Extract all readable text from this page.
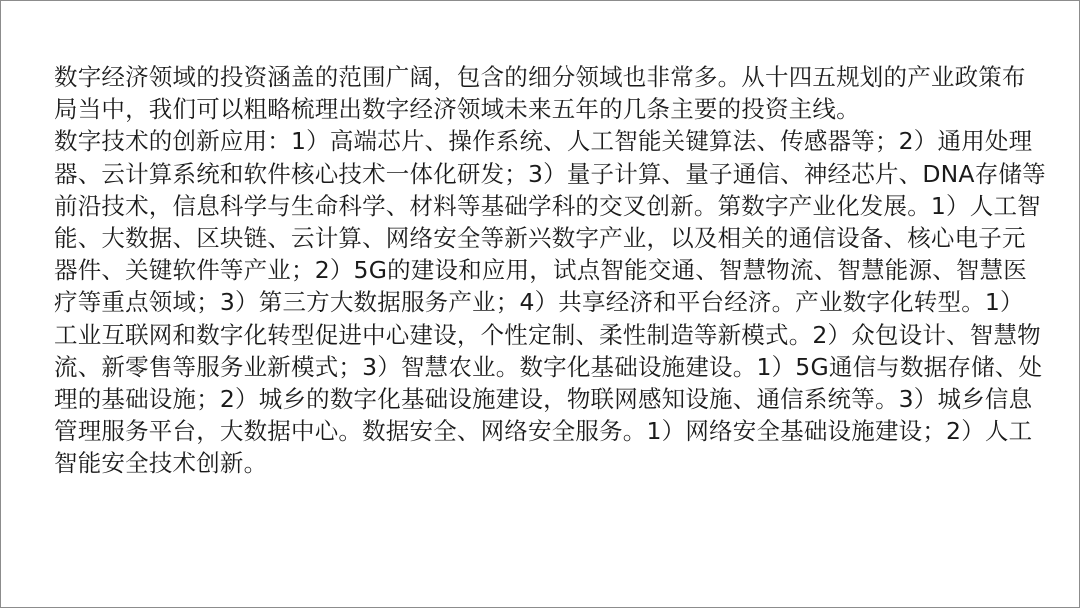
数字经济领域的投资涵盖的范围广阔，包含的细分领域也非常多。从十四五规划的产业政策布局当中，我们可以粗略梳理出数字经济领域未来五年的几条主要的投资主线。

数字技术的创新应用：1）高端芯片、操作系统、人工智能关键算法、传感器等；2）通用处理器、云计算系统和软件核心技术一体化研发；3）量子计算、量子通信、神经芯片、DNA存储等前沿技术，信息科学与生命科学、材料等基础学科的交叉创新。第数字产业化发展。1）人工智能、大数据、区块链、云计算、网络安全等新兴数字产业，以及相关的通信设备、核心电子元器件、关键软件等产业；2）5G的建设和应用，试点智能交通、智慧物流、智慧能源、智慧医疗等重点领域；3）第三方大数据服务产业；4）共享经济和平台经济。产业数字化转型。1）工业互联网和数字化转型促进中心建设，个性定制、柔性制造等新模式。2）众包设计、智慧物流、新零售等服务业新模式；3）智慧农业。数字化基础设施建设。1）5G通信与数据存储、处理的基础设施；2）城乡的数字化基础设施建设，物联网感知设施、通信系统等。3）城乡信息管理服务平台，大数据中心。数据安全、网络安全服务。1）网络安全基础设施建设；2）人工智能安全技术创新。
